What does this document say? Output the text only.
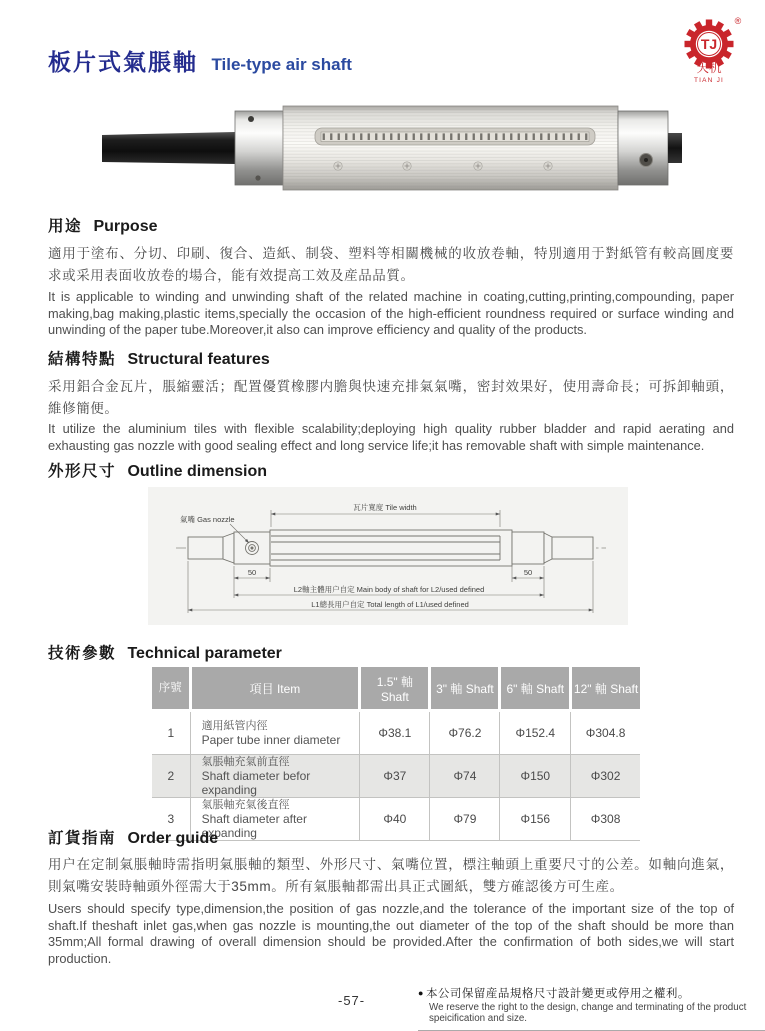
板片式氣脹軸 Tile-type air shaft
TJ
®
天机
TIAN JI
用途 Purpose
適用于塗布、分切、印刷、復合、造紙、制袋、塑料等相關機械的收放卷軸，特別適用于對紙管有較高圓度要求或采用表面收放卷的場合，能有效提高工效及産品品質。
It is applicable to winding and unwinding shaft of the related machine in coating,cutting,printing,compounding, paper making,bag making,plastic items,specially the occasion of the high-efficient roundness required or surface winding and unwinding of the paper tube.Moreover,it also can improve efficiency and quality of the products.
結構特點 Structural features
采用鋁合金瓦片，脹縮靈活；配置優質橡膠内膽與快速充排氣氣嘴，密封效果好，使用壽命長；可拆卸軸頭，維修簡便。
It utilize the aluminium tiles with flexible scalability;deploying high quality rubber bladder and rapid aerating and exhausting gas nozzle with good sealing effect and long service life;it has removable shaft with simple maintenance.
外形尺寸 Outline dimension
瓦片寬度 Tile width
氣嘴 Gas nozzle
50	50
L2軸主體用户自定 Main body of shaft for L2/used defined
L1總長用户自定 Total length of L1/used defined
技術參數 Technical parameter
序號	項目 Item	1.5" 軸 Shaft	3" 軸 Shaft	6" 軸 Shaft	12" 軸 Shaft
1	適用紙管内徑
Paper tube inner diameter	Φ38.1	Φ76.2	Φ152.4	Φ304.8
2	氣脹軸充氣前直徑
Shaft diameter befor expanding	Φ37	Φ74	Φ150	Φ302
3	氣脹軸充氣後直徑
Shaft diameter after expanding	Φ40	Φ79	Φ156	Φ308
訂貨指南 Order guide
用户在定制氣脹軸時需指明氣脹軸的類型、外形尺寸、氣嘴位置，標注軸頭上重要尺寸的公差。如軸向進氣，則氣嘴安裝時軸頭外徑需大于35mm。所有氣脹軸都需出具正式圖紙，雙方確認後方可生産。
Users should specify type,dimension,the position of gas nozzle,and the tolerance of the important size of the top of shaft.If theshaft inlet gas,when gas nozzle is mounting,the out diameter of the top of the shaft should be more than 35mm;All formal drawing of overall dimension should be provided.After the confirmation of both sides,we will start production.
-57-	● 本公司保留産品規格尺寸設計變更或停用之權利。
We reserve the right to the design, change and terminating of the product speicification and size.
